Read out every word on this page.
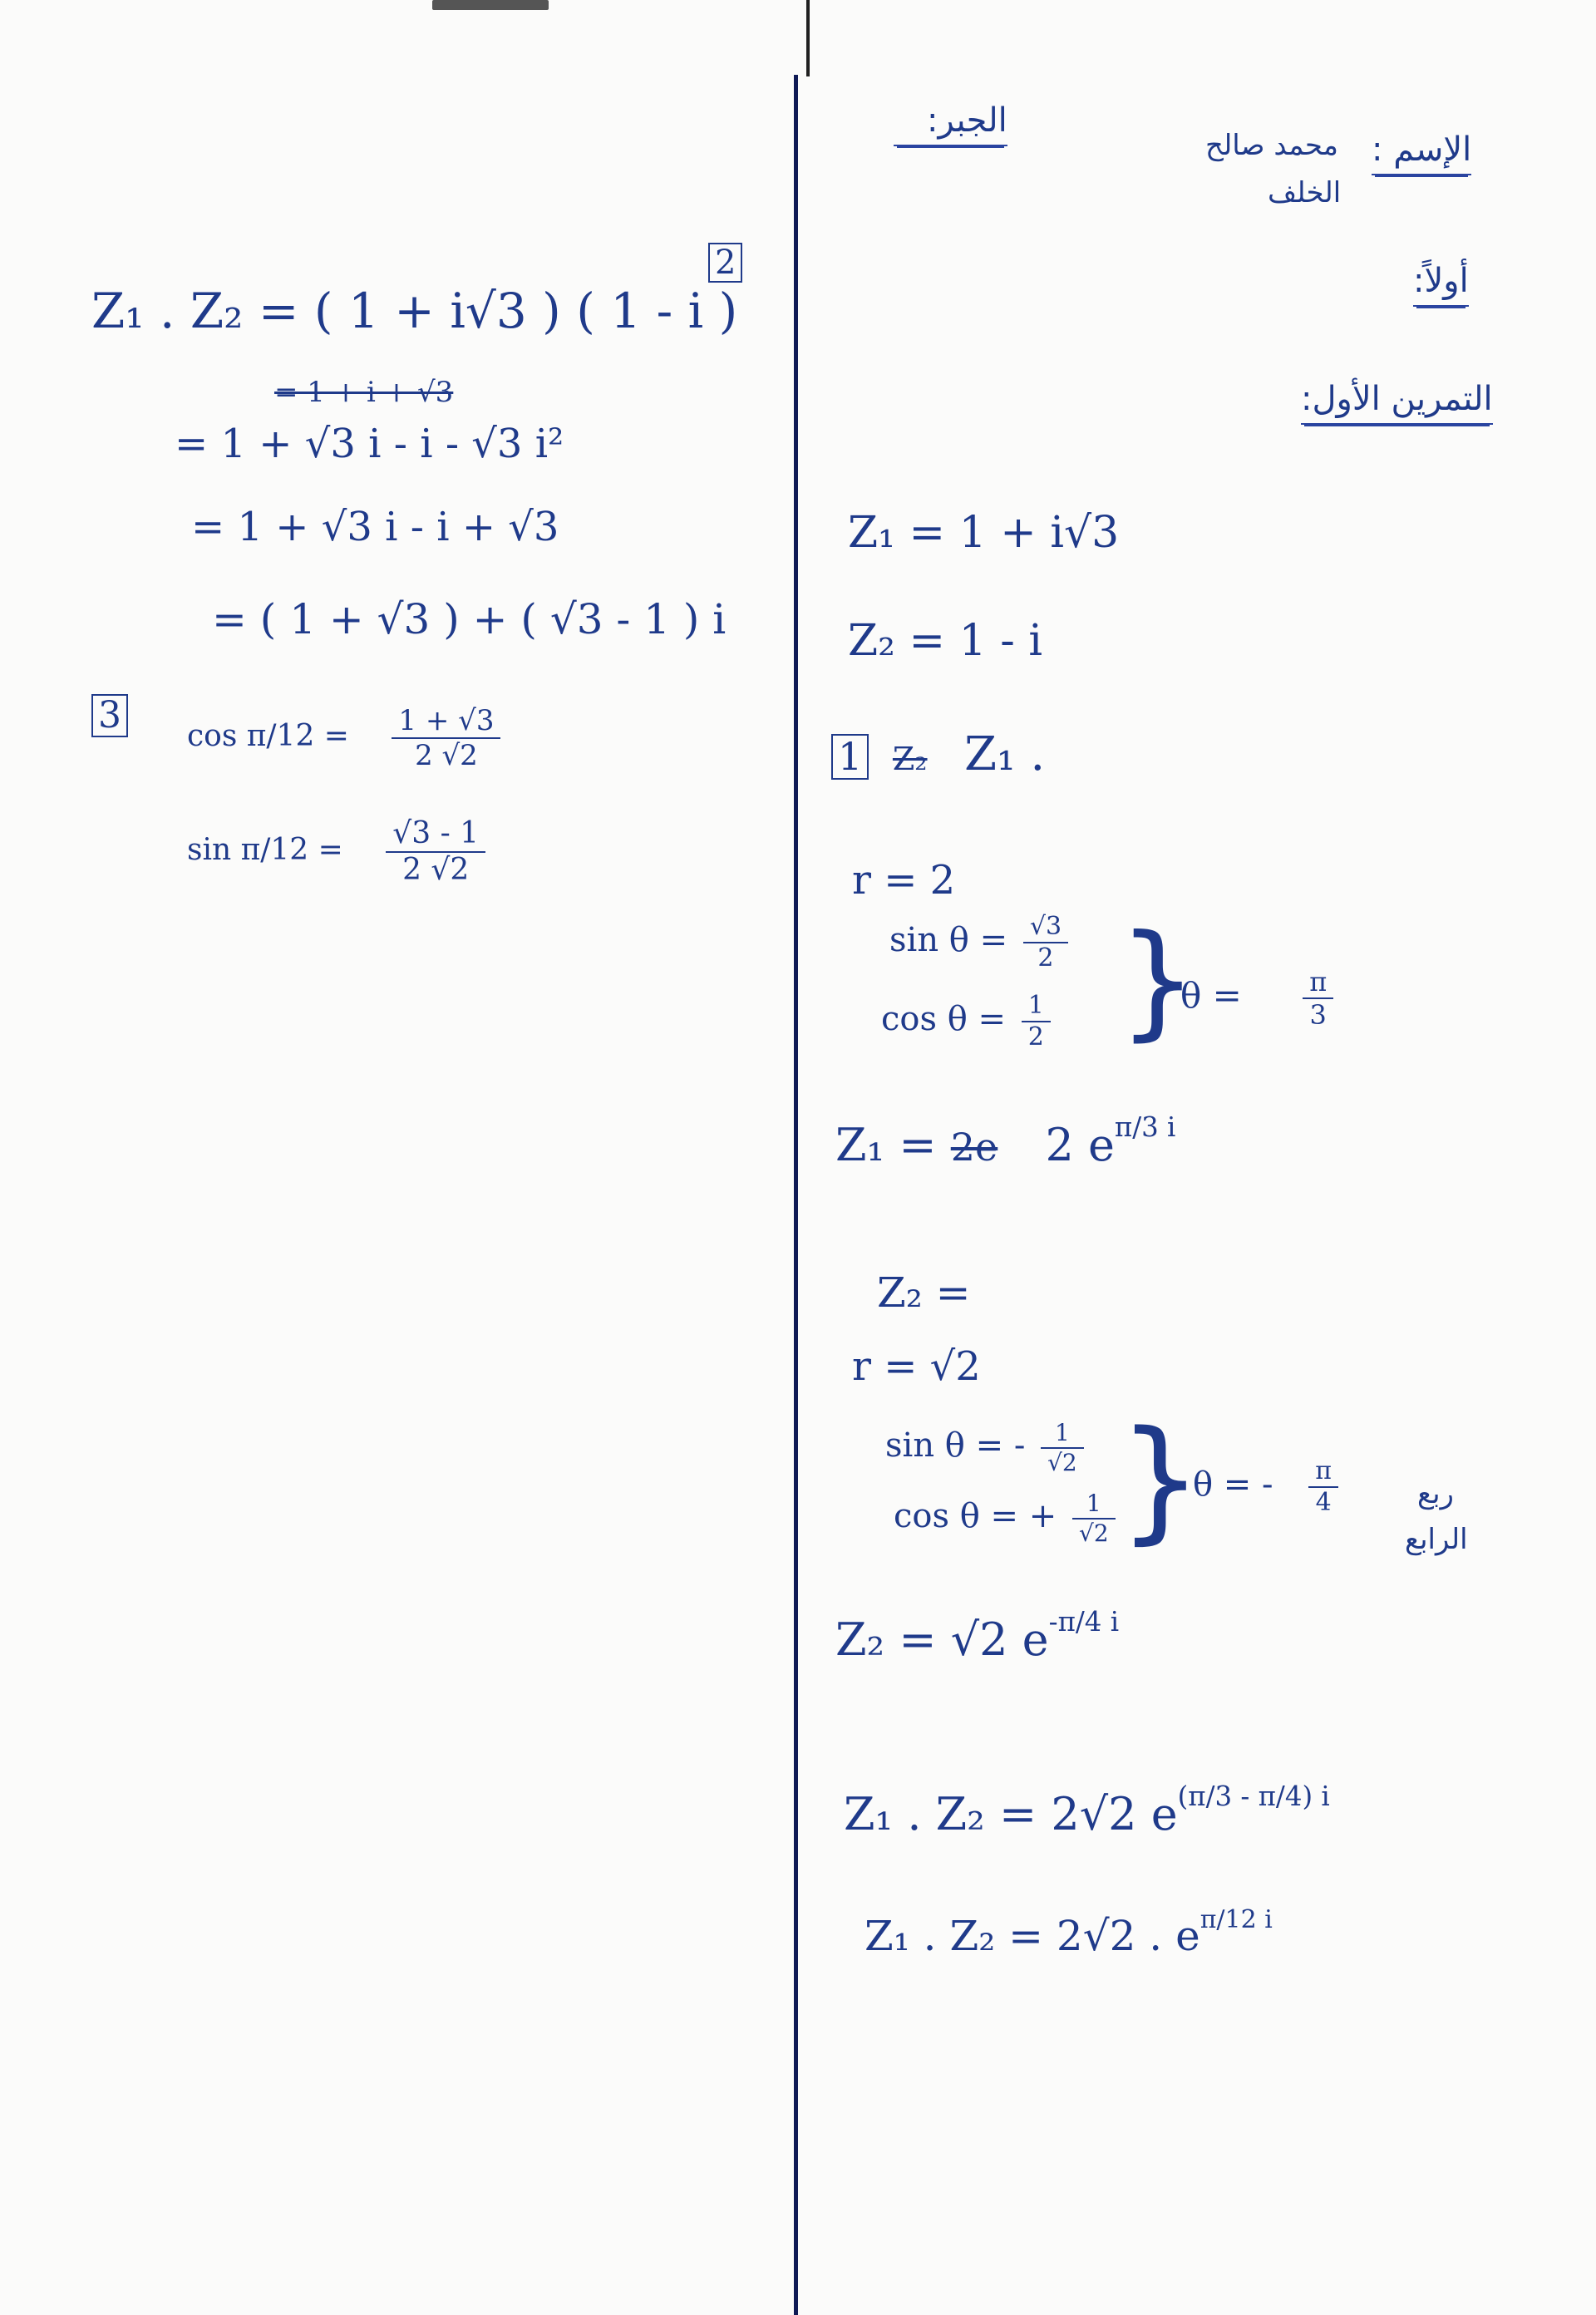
الإسم :
محمد صالح
الخلف
الجبر:
أولاً:
التمرين الأول:
Z₁ = 1 + i√3
Z₂ = 1 - i
1 Z₂ Z₁ .
r = 2
$\sin \theta = \frac{√3}{2}$
$\cos \theta = \frac{1}{2}$ }
$\theta = \frac{\pi}{3}$
Z₁ = 2e 2 $e^{\pi/3 i}$
Z₂ =
r = √2
sin θ = - $\frac{1}{√2}$
cos θ = + $\frac{1}{√2}$ }
θ = - $\frac{\pi}{4}$	ربع
الرابع
Z₂ = √2 $e^{-\pi/4 i}$
Z₁ . Z₂ = 2√2 $e^{(\pi/3 - \pi/4) i}$
Z₁ . Z₂ = 2√2 . $e^{\pi/12 i}$
2
Z₁ . Z₂ = ( 1 + i√3 ) ( 1 - i )
= 1 + i + √3
= 1 + √3 i - i - √3 i²
= 1 + √3 i - i + √3
= ( 1 + √3 ) + ( √3 - 1 ) i
3 $\cos \pi/12 = \frac{1 + √3}{2 √2}$
$\sin \pi/12 = \frac{√3 - 1}{2 √2}$
